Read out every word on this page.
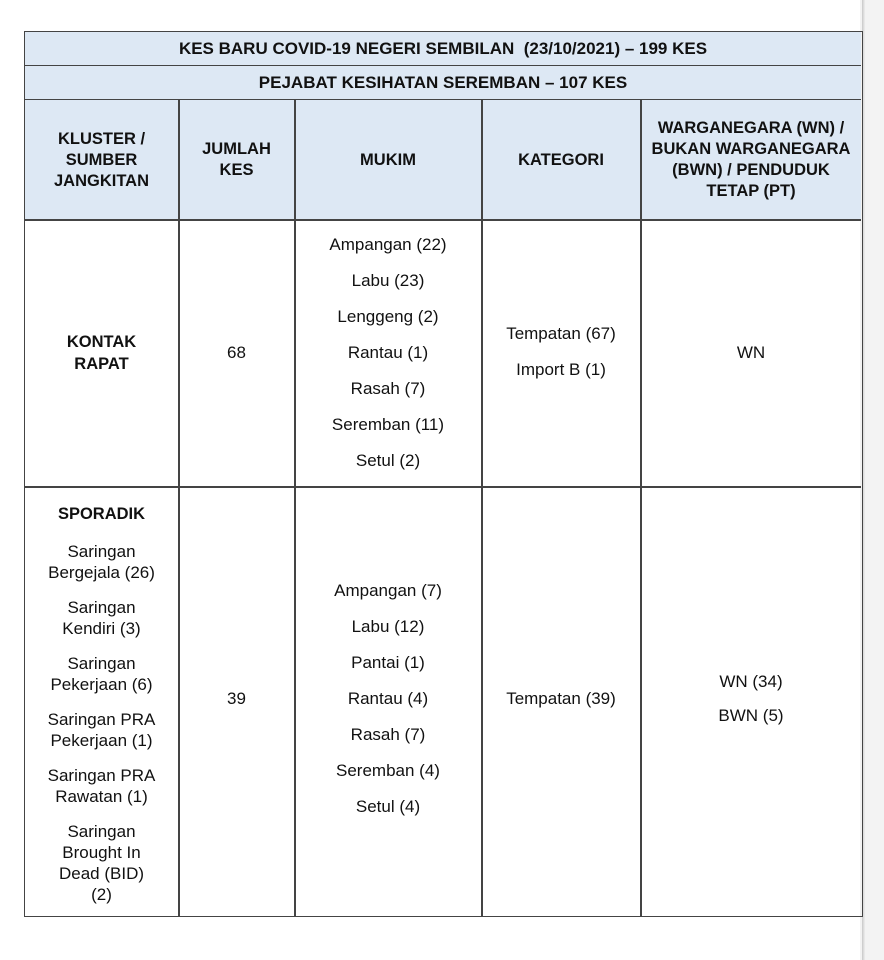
KES BARU COVID-19 NEGERI SEMBILAN  (23/10/2021) – 199 KES
PEJABAT KESIHATAN SEREMBAN – 107 KES
KLUSTER / SUMBER JANGKITAN
JUMLAH KES
MUKIM	KATEGORI
WARGANEGARA (WN) / BUKAN WARGANEGARA (BWN) / PENDUDUK TETAP (PT)
KONTAK RAPAT
68
Ampangan (22)
Labu (23)
Lenggeng (2)
Rantau (1)
Rasah (7)
Seremban (11)
Setul (2)
Tempatan (67)
Import B (1)
WN
SPORADIK
Saringan Bergejala (26)
Saringan Kendiri (3)
Saringan Pekerjaan (6)
Saringan PRA Pekerjaan (1)
Saringan PRA Rawatan (1)
Saringan Brought In Dead (BID) (2)
39
Ampangan (7)
Labu (12)
Pantai (1)
Rantau (4)
Rasah (7)
Seremban (4)
Setul (4)
Tempatan (39)
WN (34)
BWN (5)
